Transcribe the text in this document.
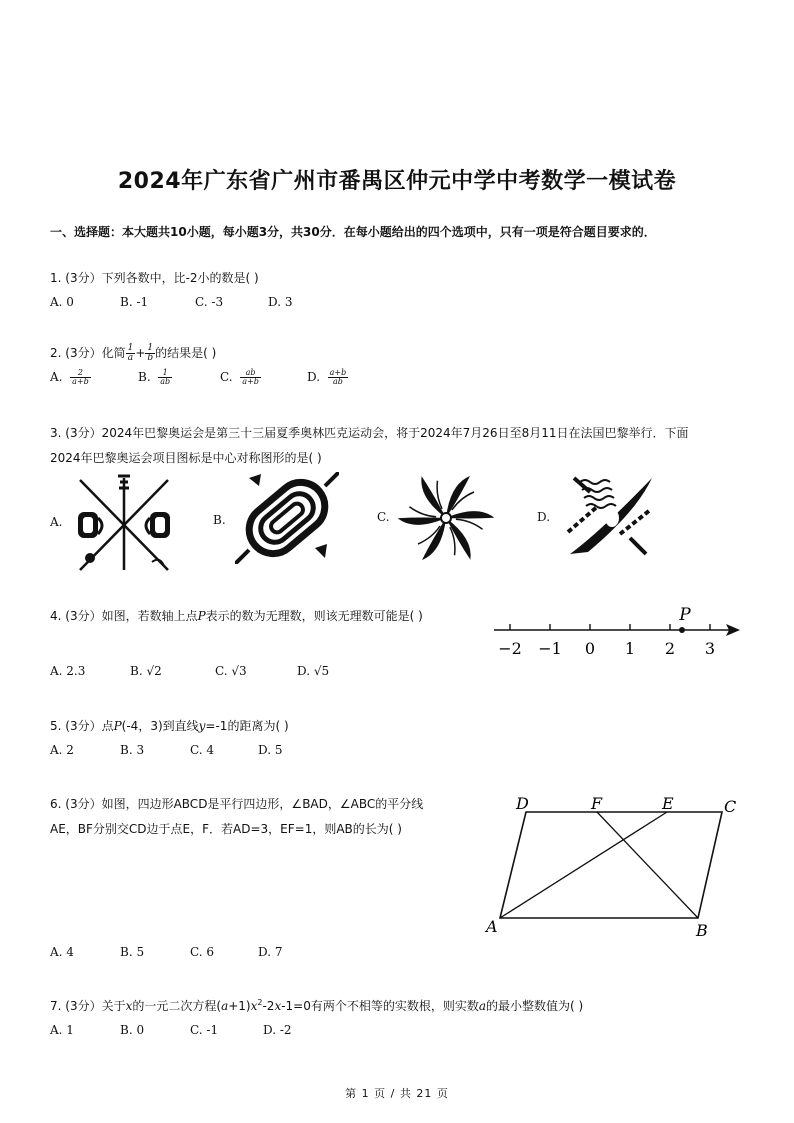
2024年广东省广州市番禺区仲元中学中考数学一模试卷
一、选择题：本大题共10小题，每小题3分，共30分．在每小题给出的四个选项中，只有一项是符合题目要求的．
1. (3分）下列各数中，比-2小的数是( )
A. 0	B. -1	C. -3	D. 3
2. (3分）化简 $\frac{1}{a} + \frac{1}{b}$ 的结果是( )
A. $\frac{2}{a+b}$	B. $\frac{1}{ab}$	C. $\frac{ab}{a+b}$	D. $\frac{a+b}{ab}$
3. (3分）2024年巴黎奥运会是第三十三届夏季奥林匹克运动会，将于2024年7月26日至8月11日在法国巴黎举行．下面
2024年巴黎奥运会项目图标是中心对称图形的是( )
A.	B.	C.	D.
4. (3分）如图，若数轴上点P表示的数为无理数，则该无理数可能是( )
−2 −1 0 1 2 3
P
A. 2.3	B. √2	C. √3	D. √5
5. (3分）点P(-4，3)到直线y=-1的距离为( )
A. 2	B. 3	C. 4	D. 5
6. (3分）如图，四边形ABCD是平行四边形，∠BAD，∠ABC的平分线
AE，BF分别交CD边于点E，F．若AD=3，EF=1，则AB的长为( )
D	F	E	C
A	B
A. 4	B. 5	C. 6	D. 7
7. (3分）关于x的一元二次方程$(a+1)x^2-2x-1=0$有两个不相等的实数根，则实数a的最小整数值为( )
A. 1	B. 0	C. -1	D. -2
第 1 页 / 共 21 页
